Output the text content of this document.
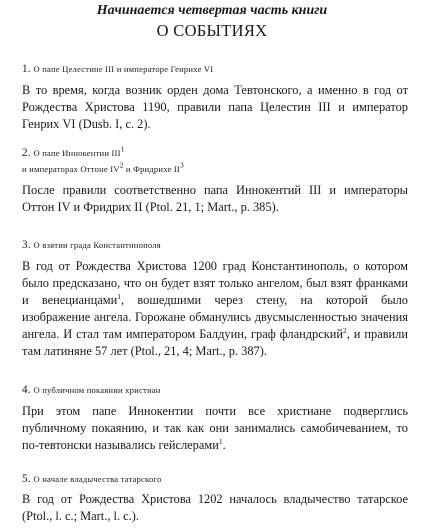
Начинается четвертая часть книги
О СОБЫТИЯХ
1. О папе Целестине III и императоре Генрихе VI
В то время, когда возник орден дома Тевтонского, а именно в год от Рождества Христова 1190, правили папа Целестин III и император Генрих VI (Dusb. I, с. 2).
2. О папе Иннокентии III$^1$
и императорах Оттоне $IV^2$ и Фридрихе $II^3$
После правили соответственно папа Иннокентий III и императоры Оттон IV и Фридрих II (Ptol. 21, 1; Mart., p. 385).
3. О взятии града Константинополя
В год от Рождества Христова 1200 град Константинополь, о котором было предсказано, что он будет взят только ангелом, был взят франками и венецианцами$^1$, вошедшими через стену, на которой было изображение ангела. Горожане обманулись двусмысленностью значения ангела. И стал там императором Балдуин, граф фландрский$^2$, и правили там латиняне 57 лет (Ptol., 21, 4; Mart., p. 387).
4. О публичном покаянии христиан
При этом папе Иннокентии почти все христиане подверглись публичному покаянию, и так как они занимались самобичеванием, то по-тевтонски назывались гейслерами$^1$.
5. О начале владычества татарского
В год от Рождества Христова 1202 началось владычество татарское (Ptol., l. c.; Mart., l. c.).
